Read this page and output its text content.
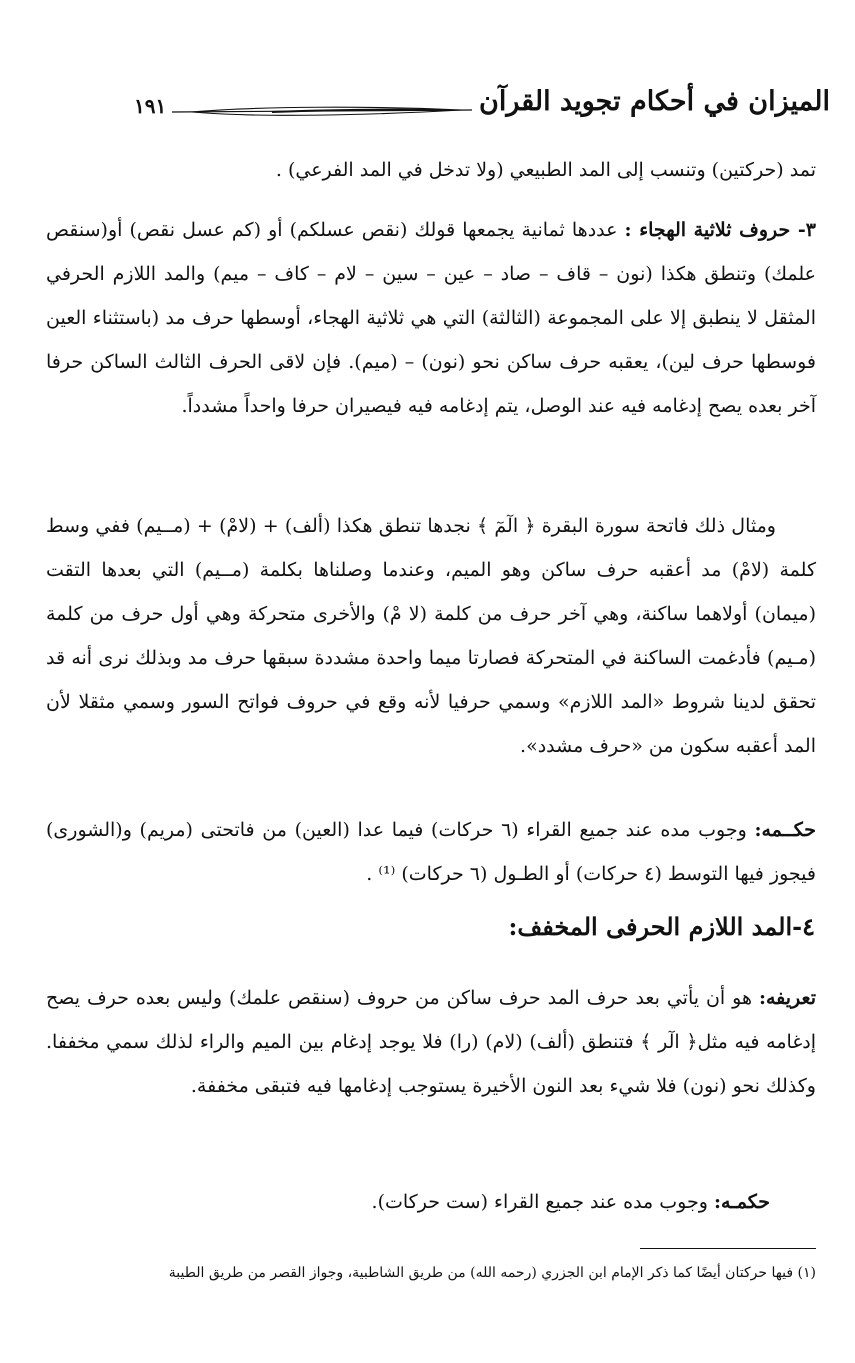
١٩١	الميزان في أحكام تجويد القرآن

تمد (حركتين) وتنسب إلى المد الطبيعي (ولا تدخل في المد الفرعي) .

٣- حروف ثلاثية الهجاء : عددها ثمانية يجمعها قولك (نقص عسلكم) أو (كم عسل نقص) أو(سنقص علمك) وتنطق هكذا (نون – قاف – صاد – عين – سين – لام – كاف – ميم) والمد اللازم الحرفي المثقل لا ينطبق إلا على المجموعة (الثالثة) التي هي ثلاثية الهجاء، أوسطها حرف مد (باستثناء العين فوسطها حرف لين)، يعقبه حرف ساكن نحو (نون) – (ميم). فإن لاقى الحرف الثالث الساكن حرفا آخر بعده يصح إدغامه فيه عند الوصل، يتم إدغامه فيه فيصيران حرفا واحداً مشدداً.

ومثال ذلك فاتحة سورة البقرة ﴿ الٓمٓ ﴾ نجدها تنطق هكذا (ألف) + (لامْ) + (مــيم) ففي وسط كلمة (لامْ) مد أعقبه حرف ساكن وهو الميم، وعندما وصلناها بكلمة (مــيم) التي بعدها التقت (ميمان) أولاهما ساكنة، وهي آخر حرف من كلمة (لا مْ) والأخرى متحركة وهي أول حرف من كلمة (مـيم) فأدغمت الساكنة في المتحركة فصارتا ميما واحدة مشددة سبقها حرف مد وبذلك نرى أنه قد تحقق لدينا شروط «المد اللازم» وسمي حرفيا لأنه وقع في حروف فواتح السور وسمي مثقلا لأن المد أعقبه سكون من «حرف مشدد».

حكــمه: وجوب مده عند جميع القراء (٦ حركات) فيما عدا (العين) من فاتحتى (مريم) و(الشورى) فيجوز فيها التوسط (٤ حركات) أو الطـول (٦ حركات) ⁽¹⁾ .

٤-المد اللازم الحرفى المخفف:

تعريفه: هو أن يأتي بعد حرف المد حرف ساكن من حروف (سنقص علمك) وليس بعده حرف يصح إدغامه فيه مثل﴿ الٓر ﴾ فتنطق (ألف) (لام) (را) فلا يوجد إدغام بين الميم والراء لذلك سمي مخففا. وكذلك نحو (نون) فلا شيء بعد النون الأخيرة يستوجب إدغامها فيه فتبقى مخففة.

حكمـه: وجوب مده عند جميع القراء (ست حركات).

(١) فيها حركتان أيضًا كما ذكر الإمام ابن الجزري (رحمه الله) من طريق الشاطبية، وجواز القصر من طريق الطيبة
